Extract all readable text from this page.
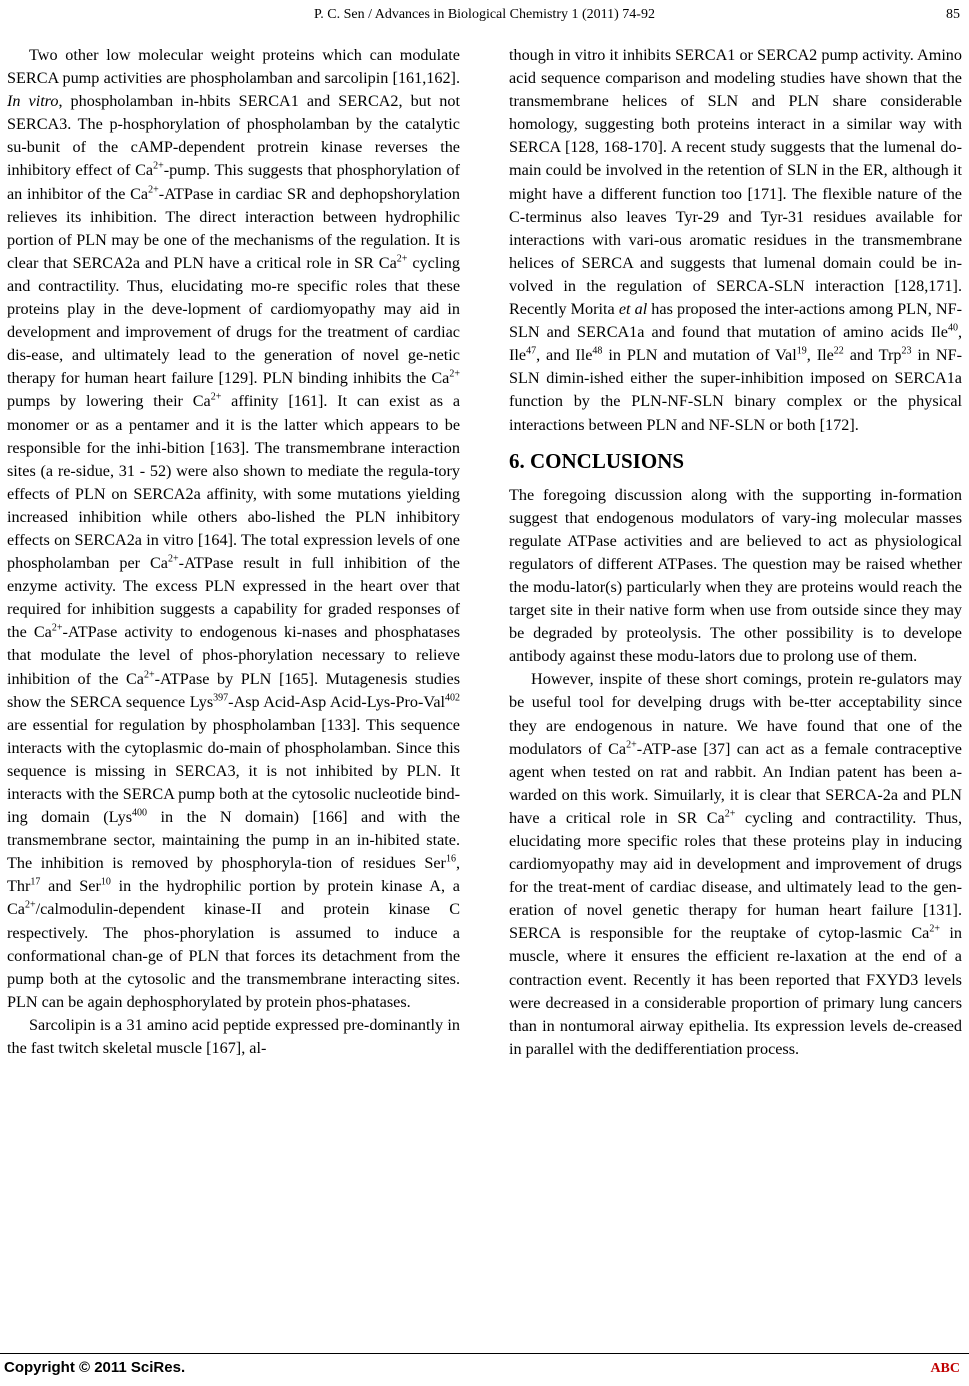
P. C. Sen / Advances in Biological Chemistry 1 (2011) 74-92	85

Two other low molecular weight proteins which can modulate SERCA pump activities are phospholamban and sarcolipin [161,162]. In vitro, phospholamban in-hbits SERCA1 and SERCA2, but not SERCA3. The p-hosphorylation of phospholamban by the catalytic su-bunit of the cAMP-dependent protrein kinase reverses the inhibitory effect of $Ca^{2+}$-pump. This suggests that phosphorylation of an inhibitor of the $Ca^{2+}$-ATPase in cardiac SR and dephopshorylation relieves its inhibition. The direct interaction between hydrophilic portion of PLN may be one of the mechanisms of the regulation. It is clear that SERCA2a and PLN have a critical role in SR $Ca^{2+}$ cycling and contractility. Thus, elucidating mo-re specific roles that these proteins play in the deve-lopment of cardiomyopathy may aid in development and improvement of drugs for the treatment of cardiac dis-ease, and ultimately lead to the generation of novel ge-netic therapy for human heart failure [129]. PLN binding inhibits the $Ca^{2+}$ pumps by lowering their $Ca^{2+}$ affinity [161]. It can exist as a monomer or as a pentamer and it is the latter which appears to be responsible for the inhi-bition [163]. The transmembrane interaction sites (a re-sidue, 31 - 52) were also shown to mediate the regula-tory effects of PLN on SERCA2a affinity, with some mutations yielding increased inhibition while others abo-lished the PLN inhibitory effects on SERCA2a in vitro [164]. The total expression levels of one phospholamban per $Ca^{2+}$-ATPase result in full inhibition of the enzyme activity. The excess PLN expressed in the heart over that required for inhibition suggests a capability for graded responses of the $Ca^{2+}$-ATPase activity to endogenous ki-nases and phosphatases that modulate the level of phos-phorylation necessary to relieve inhibition of the $Ca^{2+}$-ATPase by PLN [165]. Mutagenesis studies show the SERCA sequence Lys$^{397}$-Asp Acid-Asp Acid-Lys-Pro-Val$^{402}$ are essential for regulation by phospholamban [133]. This sequence interacts with the cytoplasmic do-main of phospholamban. Since this sequence is missing in SERCA3, it is not inhibited by PLN. It interacts with the SERCA pump both at the cytosolic nucleotide bind-ing domain (Lys$^{400}$ in the N domain) [166] and with the transmembrane sector, maintaining the pump in an in-hibited state. The inhibition is removed by phosphoryla-tion of residues Ser$^{16}$, Thr$^{17}$ and Ser$^{10}$ in the hydrophilic portion by protein kinase A, a $Ca^{2+}/calmodulin$-dependent kinase-II and protein kinase C respectively. The phos-phorylation is assumed to induce a conformational chan-ge of PLN that forces its detachment from the pump both at the cytosolic and the transmembrane interacting sites. PLN can be again dephosphorylated by protein phos-phatases.

Sarcolipin is a 31 amino acid peptide expressed pre-dominantly in the fast twitch skeletal muscle [167], al-

though in vitro it inhibits SERCA1 or SERCA2 pump activity. Amino acid sequence comparison and modeling studies have shown that the transmembrane helices of SLN and PLN share considerable homology, suggesting both proteins interact in a similar way with SERCA [128, 168-170]. A recent study suggests that the lumenal do-main could be involved in the retention of SLN in the ER, although it might have a different function too [171]. The flexible nature of the C-terminus also leaves Tyr-29 and Tyr-31 residues available for interactions with vari-ous aromatic residues in the transmembrane helices of SERCA and suggests that lumenal domain could be in-volved in the regulation of SERCA-SLN interaction [128,171]. Recently Morita et al has proposed the inter-actions among PLN, NF-SLN and SERCA1a and found that mutation of amino acids Ile$^{40}$, Ile$^{47}$, and Ile$^{48}$ in PLN and mutation of Val$^{19}$, Ile$^{22}$ and Trp$^{23}$ in NF-SLN dimin-ished either the super-inhibition imposed on SERCA1a function by the PLN-NF-SLN binary complex or the physical interactions between PLN and NF-SLN or both [172].

6. CONCLUSIONS

The foregoing discussion along with the supporting in-formation suggest that endogenous modulators of vary-ing molecular masses regulate ATPase activities and are believed to act as physiological regulators of different ATPases. The question may be raised whether the modu-lator(s) particularly when they are proteins would reach the target site in their native form when use from outside since they may be degraded by proteolysis. The other possibility is to develope antibody against these modu-lators due to prolong use of them.

However, inspite of these short comings, protein re-gulators may be useful tool for develping drugs with be-tter acceptability since they are endogenous in nature. We have found that one of the modulators of $Ca^{2+}-ATP$-ase [37] can act as a female contraceptive agent when tested on rat and rabbit. An Indian patent has been a-warded on this work. Simuilarly, it is clear that SERCA-2a and PLN have a critical role in SR $Ca^{2+}$ cycling and contractility. Thus, elucidating more specific roles that these proteins play in inducing cardiomyopathy may aid in development and improvement of drugs for the treat-ment of cardiac disease, and ultimately lead to the gen-eration of novel genetic therapy for human heart failure [131]. SERCA is responsible for the reuptake of cytop-lasmic $Ca^{2+}$ in muscle, where it ensures the efficient re-laxation at the end of a contraction event. Recently it has been reported that FXYD3 levels were decreased in a considerable proportion of primary lung cancers than in nontumoral airway epithelia. Its expression levels de-creased in parallel with the dedifferentiation process.

Copyright © 2011 SciRes.	ABC
